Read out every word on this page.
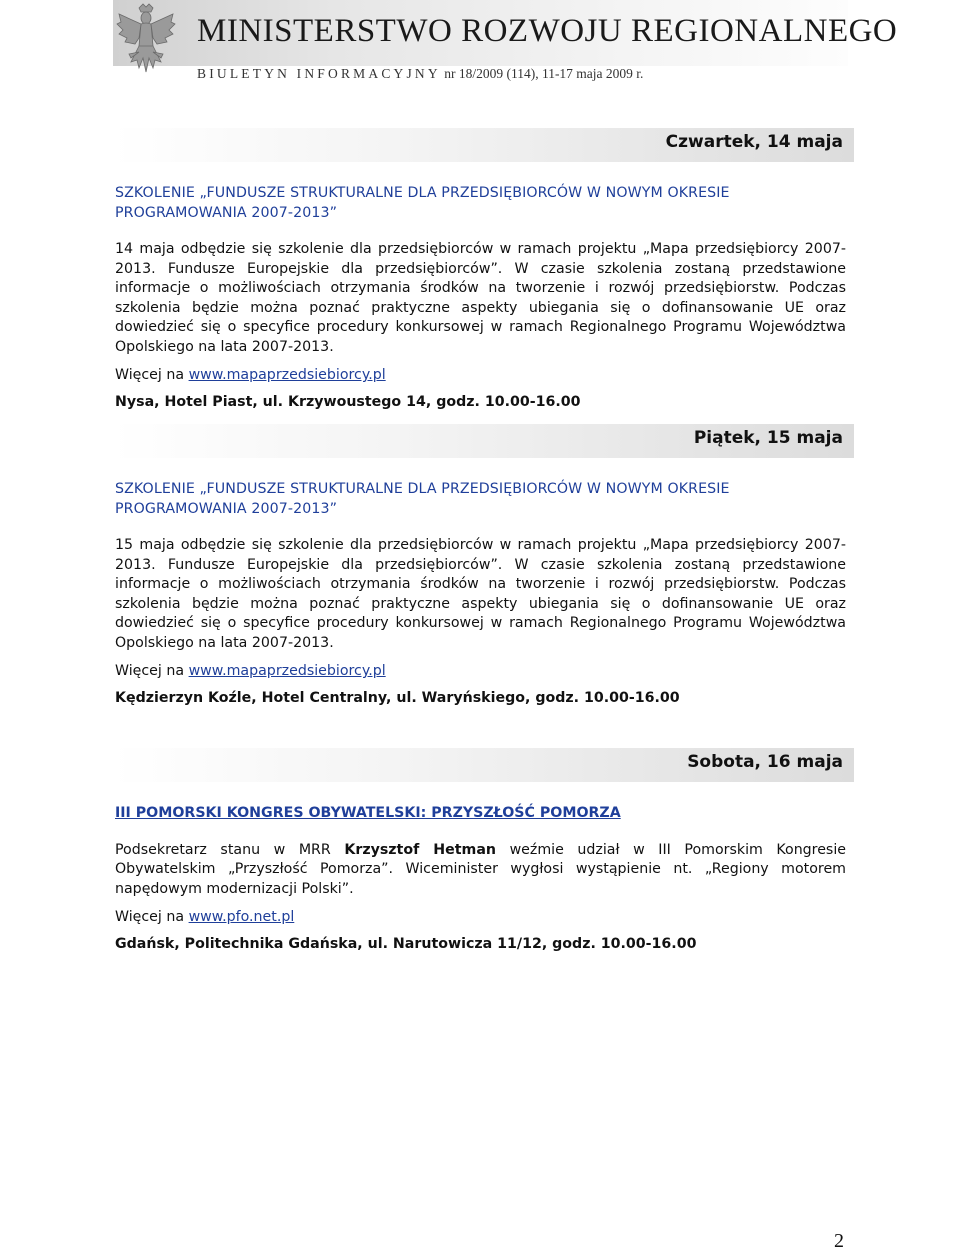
MINISTERSTWO ROZWOJU REGIONALNEGO
BIULETYN INFORMACYJNY nr 18/2009 (114), 11-17 maja 2009 r.
Czwartek, 14 maja
SZKOLENIE „FUNDUSZE STRUKTURALNE DLA PRZEDSIĘBIORCÓW W NOWYM OKRESIE PROGRAMOWANIA 2007-2013”
14 maja odbędzie się szkolenie dla przedsiębiorców w ramach projektu „Mapa przedsiębiorcy 2007-2013. Fundusze Europejskie dla przedsiębiorców”. W czasie szkolenia zostaną przedstawione informacje o możliwościach otrzymania środków na tworzenie i rozwój przedsiębiorstw. Podczas szkolenia będzie można poznać praktyczne aspekty ubiegania się o dofinansowanie UE oraz dowiedzieć się o specyfice procedury konkursowej w ramach Regionalnego Programu Województwa Opolskiego na lata 2007-2013.
Więcej na www.mapaprzedsiebiorcy.pl
Nysa, Hotel Piast, ul. Krzywoustego 14, godz. 10.00-16.00
Piątek, 15 maja
SZKOLENIE „FUNDUSZE STRUKTURALNE DLA PRZEDSIĘBIORCÓW W NOWYM OKRESIE PROGRAMOWANIA 2007-2013”
15 maja odbędzie się szkolenie dla przedsiębiorców w ramach projektu „Mapa przedsiębiorcy 2007-2013. Fundusze Europejskie dla przedsiębiorców”. W czasie szkolenia zostaną przedstawione informacje o możliwościach otrzymania środków na tworzenie i rozwój przedsiębiorstw. Podczas szkolenia będzie można poznać praktyczne aspekty ubiegania się o dofinansowanie UE oraz dowiedzieć się o specyfice procedury konkursowej w ramach Regionalnego Programu Województwa Opolskiego na lata 2007-2013.
Więcej na www.mapaprzedsiebiorcy.pl
Kędzierzyn Koźle, Hotel Centralny, ul. Waryńskiego, godz. 10.00-16.00
Sobota, 16 maja
III POMORSKI KONGRES OBYWATELSKI: PRZYSZŁOŚĆ POMORZA
Podsekretarz stanu w MRR Krzysztof Hetman weźmie udział w III Pomorskim Kongresie Obywatelskim „Przyszłość Pomorza”. Wiceminister wygłosi wystąpienie nt. „Regiony motorem napędowym modernizacji Polski”.
Więcej na www.pfo.net.pl
Gdańsk, Politechnika Gdańska, ul. Narutowicza 11/12, godz. 10.00-16.00
2
